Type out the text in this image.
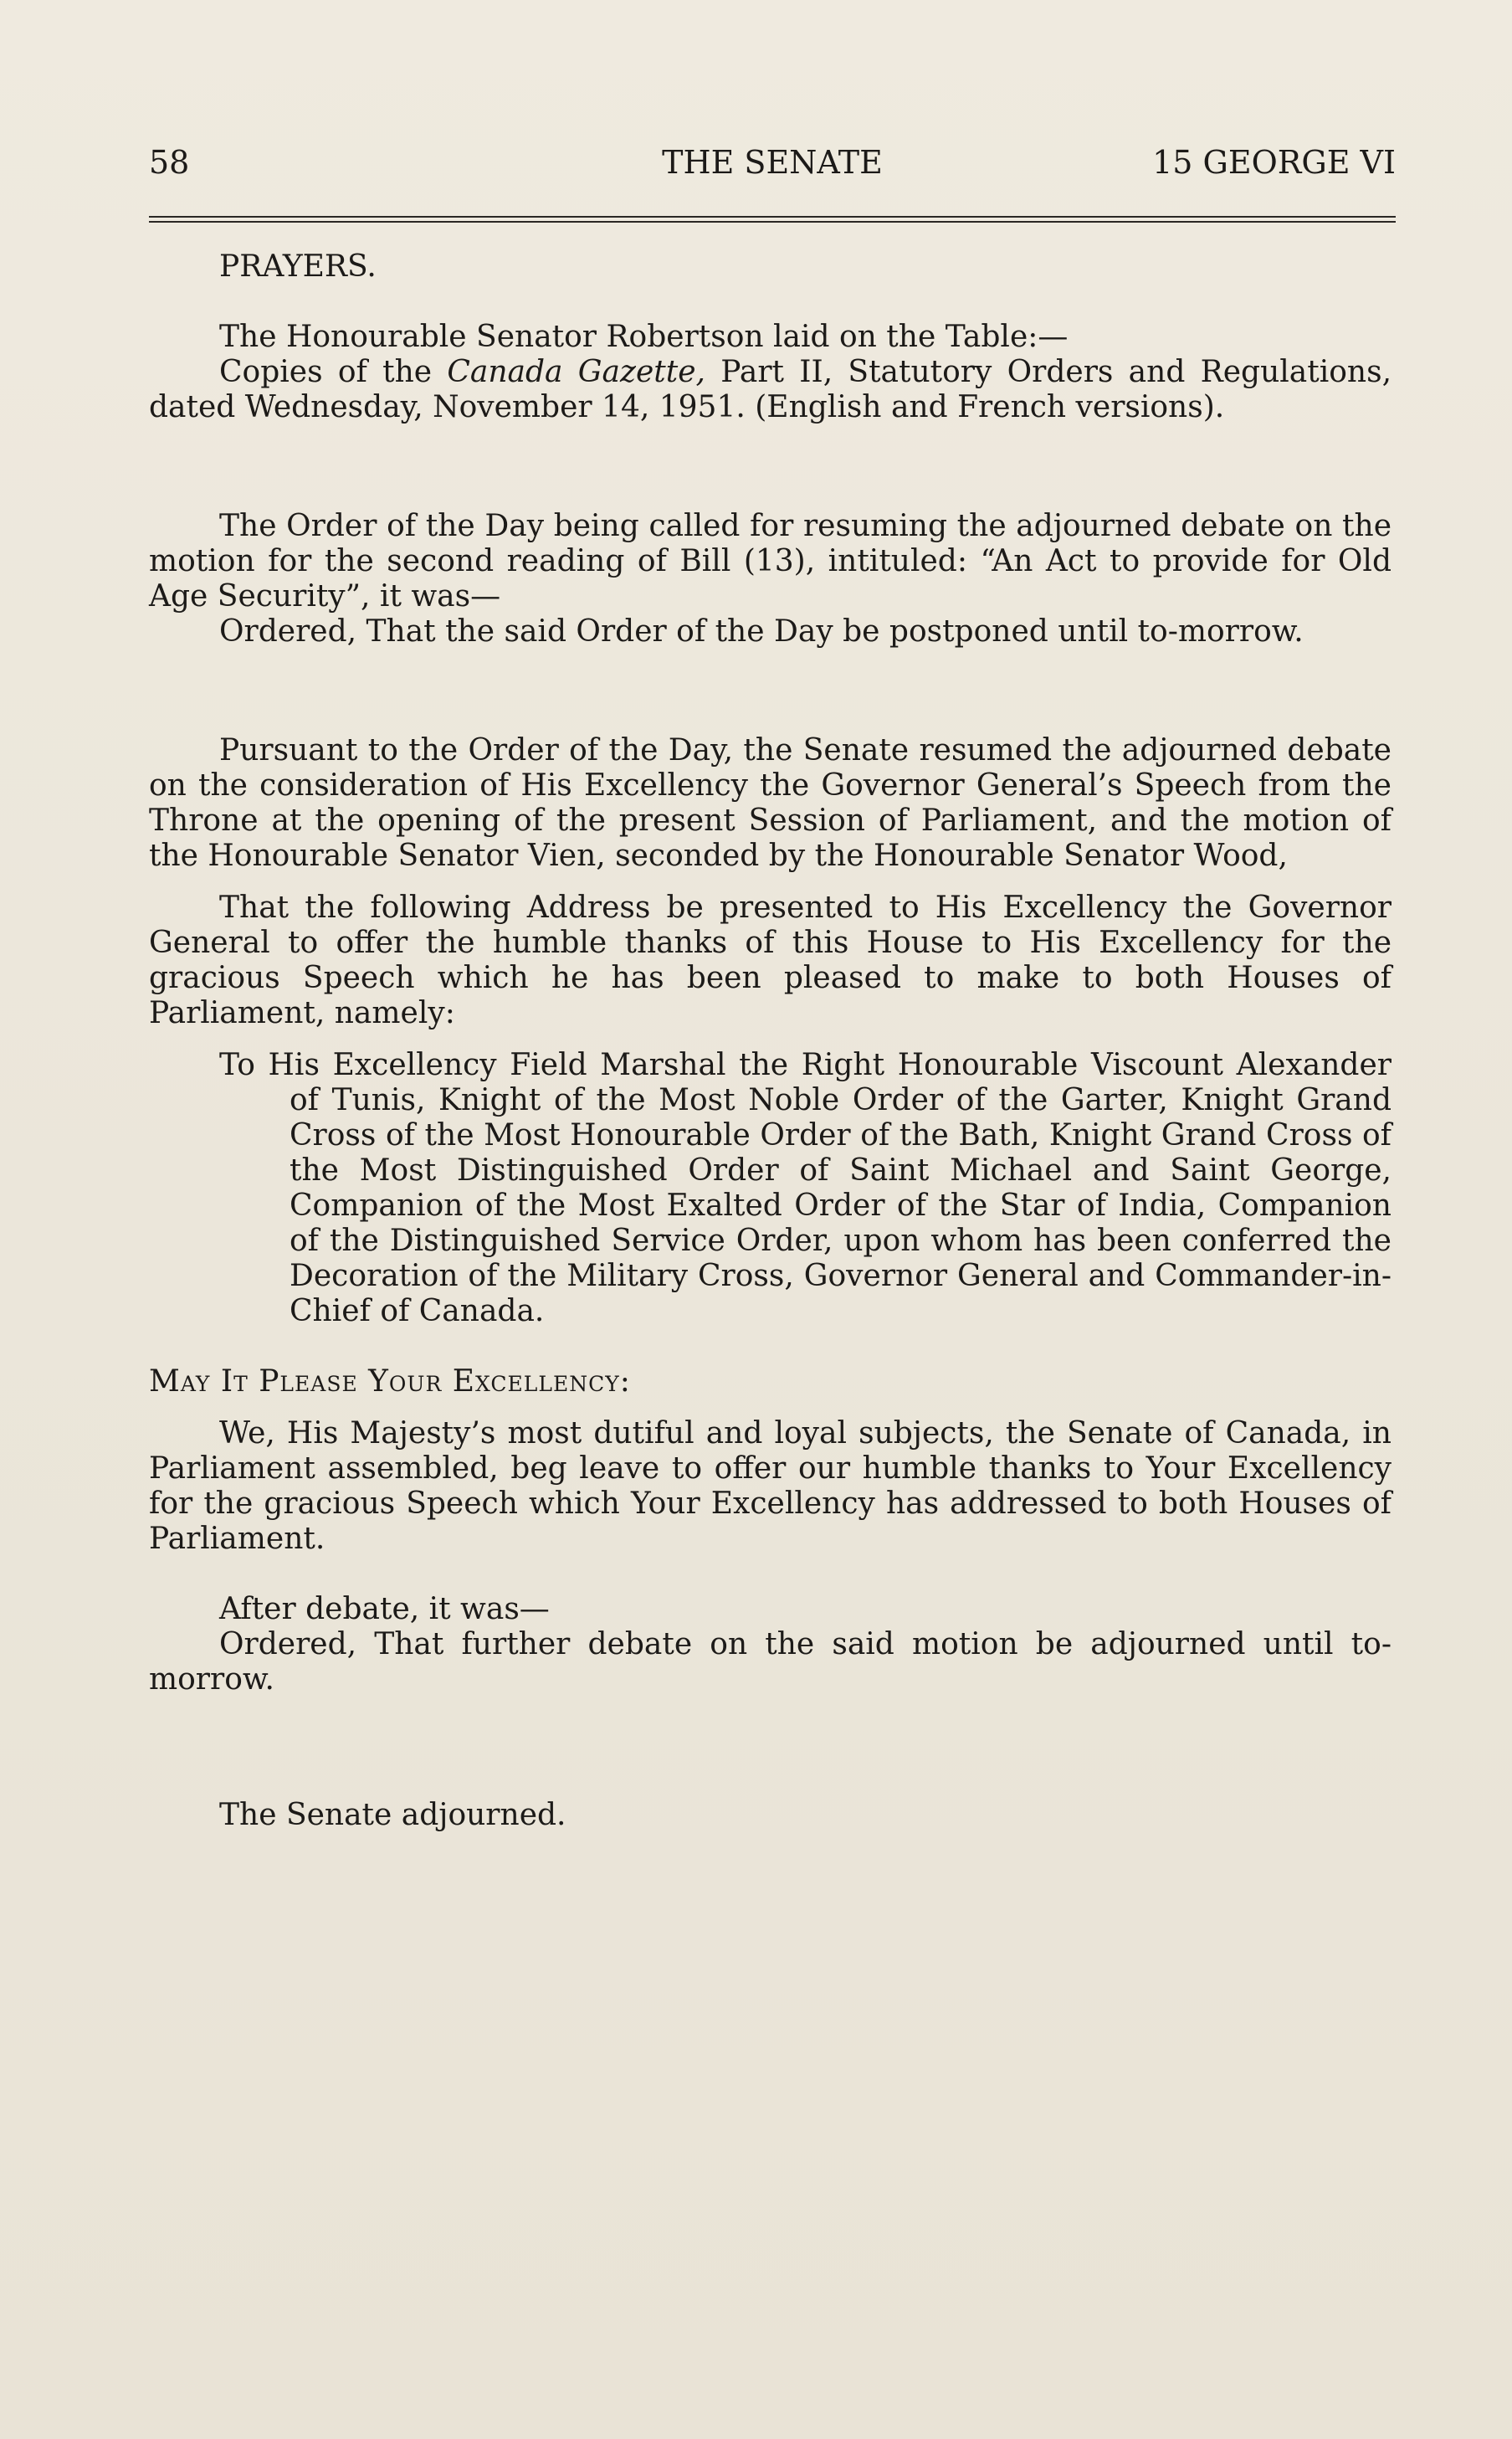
58	THE SENATE	15 GEORGE VI

PRAYERS.

The Honourable Senator Robertson laid on the Table:—

Copies of the Canada Gazette, Part II, Statutory Orders and Regulations, dated Wednesday, November 14, 1951. (English and French versions).

The Order of the Day being called for resuming the adjourned debate on the motion for the second reading of Bill (13), intituled: “An Act to provide for Old Age Security”, it was—

Ordered, That the said Order of the Day be postponed until to-morrow.

Pursuant to the Order of the Day, the Senate resumed the adjourned debate on the consideration of His Excellency the Governor General’s Speech from the Throne at the opening of the present Session of Parliament, and the motion of the Honourable Senator Vien, seconded by the Honourable Senator Wood,

That the following Address be presented to His Excellency the Governor General to offer the humble thanks of this House to His Excellency for the gracious Speech which he has been pleased to make to both Houses of Parliament, namely:

To His Excellency Field Marshal the Right Honourable Viscount Alexander of Tunis, Knight of the Most Noble Order of the Garter, Knight Grand Cross of the Most Honourable Order of the Bath, Knight Grand Cross of the Most Distinguished Order of Saint Michael and Saint George, Companion of the Most Exalted Order of the Star of India, Companion of the Distinguished Service Order, upon whom has been conferred the Decoration of the Military Cross, Governor General and Commander-in-Chief of Canada.

May It Please Your Excellency:

We, His Majesty’s most dutiful and loyal subjects, the Senate of Canada, in Parliament assembled, beg leave to offer our humble thanks to Your Excellency for the gracious Speech which Your Excellency has addressed to both Houses of Parliament.

After debate, it was—

Ordered, That further debate on the said motion be adjourned until to-morrow.

The Senate adjourned.
